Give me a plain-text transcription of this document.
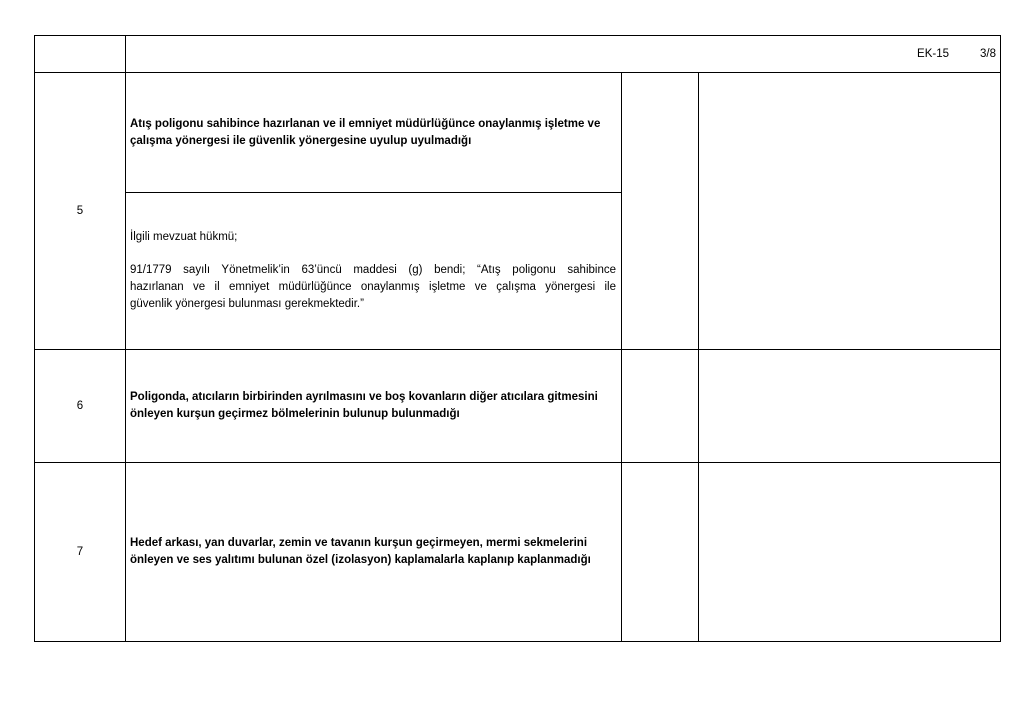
EK-15	3/8
5
Atış poligonu sahibince hazırlanan ve il emniyet müdürlüğünce onaylanmış işletme ve
çalışma yönergesi ile güvenlik yönergesine uyulup uyulmadığı
İlgili mevzuat hükmü;
91/1779 sayılı Yönetmelik’in 63’üncü maddesi (g) bendi; “Atış poligonu sahibince
hazırlanan ve il emniyet müdürlüğünce onaylanmış işletme ve çalışma yönergesi ile
güvenlik yönergesi bulunması gerekmektedir.”
6
Poligonda, atıcıların birbirinden ayrılmasını ve boş kovanların diğer atıcılara gitmesini
önleyen kurşun geçirmez bölmelerinin bulunup bulunmadığı
7
Hedef arkası, yan duvarlar, zemin ve tavanın kurşun geçirmeyen, mermi sekmelerini
önleyen ve ses yalıtımı bulunan özel (izolasyon) kaplamalarla kaplanıp kaplanmadığı
